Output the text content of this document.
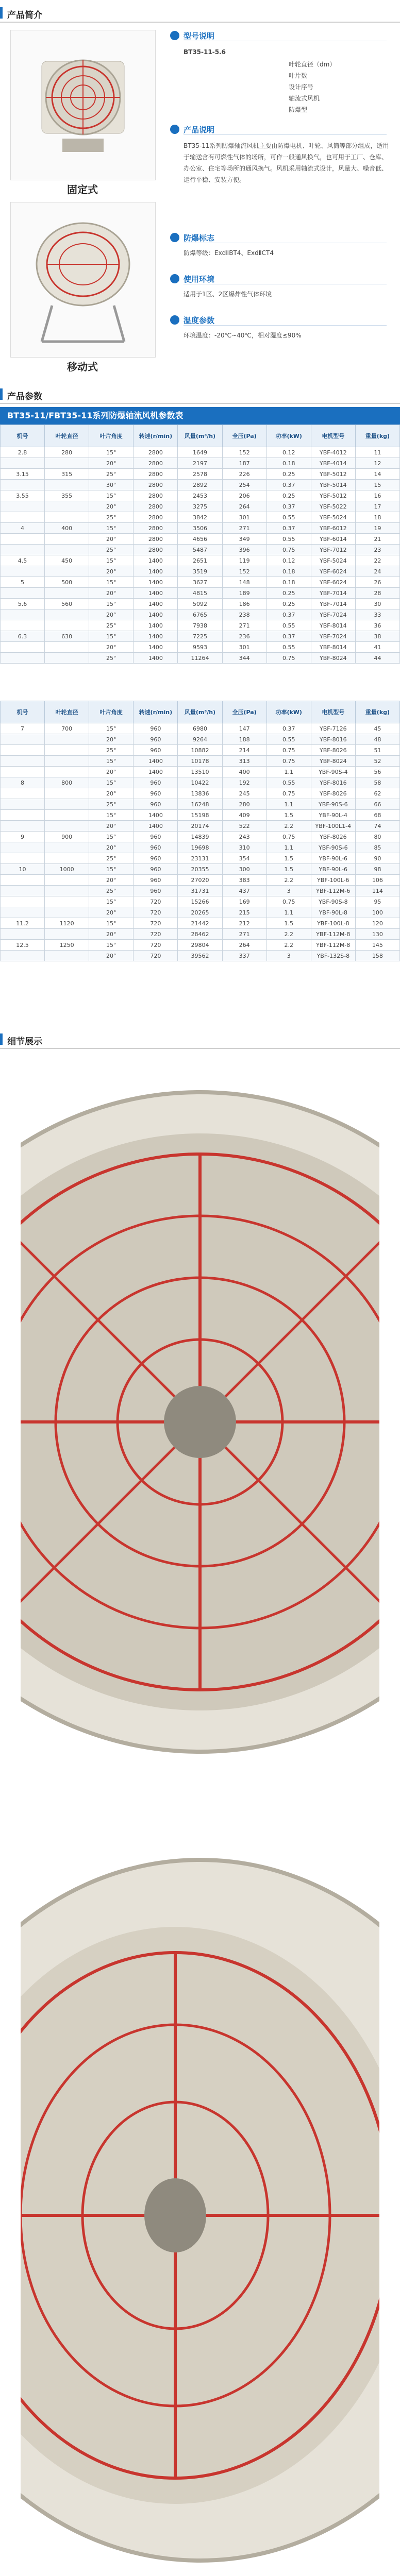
产品简介
固定式
移动式
型号说明
BT35-11-5.6
叶轮直径（dm）
叶片数
设计序号
轴流式风机
防爆型
产品说明
BT35-11系列防爆轴流风机主要由防爆电机、叶轮、风筒等部分组成，适用于输送含有可燃性气体的场所，可作一般通风换气，也可用于工厂、仓库、办公室、住宅等场所的通风换气。风机采用轴流式设计，风量大、噪音低、运行平稳、安装方便。
防爆标志
防爆等级：ExdⅡBT4、ExdⅡCT4
使用环境
适用于1区、2区爆炸性气体环境
温度参数
环境温度：-20℃~40℃，相对湿度≤90%
产品参数
BT35-11/FBT35-11系列防爆轴流风机参数表
机号	叶轮直径	叶片角度	转速(r/min)	风量(m³/h)	全压(Pa)	功率(kW)	电机型号	重量(kg)
2.8	280	15°	2800	1649	152	0.12	YBF-4012	11
		20°	2800	2197	187	0.18	YBF-4014	12
3.15	315	25°	2800	2578	226	0.25	YBF-5012	14
		30°	2800	2892	254	0.37	YBF-5014	15
3.55	355	15°	2800	2453	206	0.25	YBF-5012	16
		20°	2800	3275	264	0.37	YBF-5022	17
		25°	2800	3842	301	0.55	YBF-5024	18
4	400	15°	2800	3506	271	0.37	YBF-6012	19
		20°	2800	4656	349	0.55	YBF-6014	21
		25°	2800	5487	396	0.75	YBF-7012	23
4.5	450	15°	1400	2651	119	0.12	YBF-5024	22
		20°	1400	3519	152	0.18	YBF-6024	24
5	500	15°	1400	3627	148	0.18	YBF-6024	26
		20°	1400	4815	189	0.25	YBF-7014	28
5.6	560	15°	1400	5092	186	0.25	YBF-7014	30
		20°	1400	6765	238	0.37	YBF-7024	33
		25°	1400	7938	271	0.55	YBF-8014	36
6.3	630	15°	1400	7225	236	0.37	YBF-7024	38
		20°	1400	9593	301	0.55	YBF-8014	41
		25°	1400	11264	344	0.75	YBF-8024	44
机号	叶轮直径	叶片角度	转速(r/min)	风量(m³/h)	全压(Pa)	功率(kW)	电机型号	重量(kg)
7	700	15°	960	6980	147	0.37	YBF-7126	45
		20°	960	9264	188	0.55	YBF-8016	48
		25°	960	10882	214	0.75	YBF-8026	51
		15°	1400	10178	313	0.75	YBF-8024	52
		20°	1400	13510	400	1.1	YBF-90S-4	56
8	800	15°	960	10422	192	0.55	YBF-8016	58
		20°	960	13836	245	0.75	YBF-8026	62
		25°	960	16248	280	1.1	YBF-90S-6	66
		15°	1400	15198	409	1.5	YBF-90L-4	68
		20°	1400	20174	522	2.2	YBF-100L1-4	74
9	900	15°	960	14839	243	0.75	YBF-8026	80
		20°	960	19698	310	1.1	YBF-90S-6	85
		25°	960	23131	354	1.5	YBF-90L-6	90
10	1000	15°	960	20355	300	1.5	YBF-90L-6	98
		20°	960	27020	383	2.2	YBF-100L-6	106
		25°	960	31731	437	3	YBF-112M-6	114
		15°	720	15266	169	0.75	YBF-90S-8	95
		20°	720	20265	215	1.1	YBF-90L-8	100
11.2	1120	15°	720	21442	212	1.5	YBF-100L-8	120
		20°	720	28462	271	2.2	YBF-112M-8	130
12.5	1250	15°	720	29804	264	2.2	YBF-112M-8	145
		20°	720	39562	337	3	YBF-132S-8	158
细节展示
